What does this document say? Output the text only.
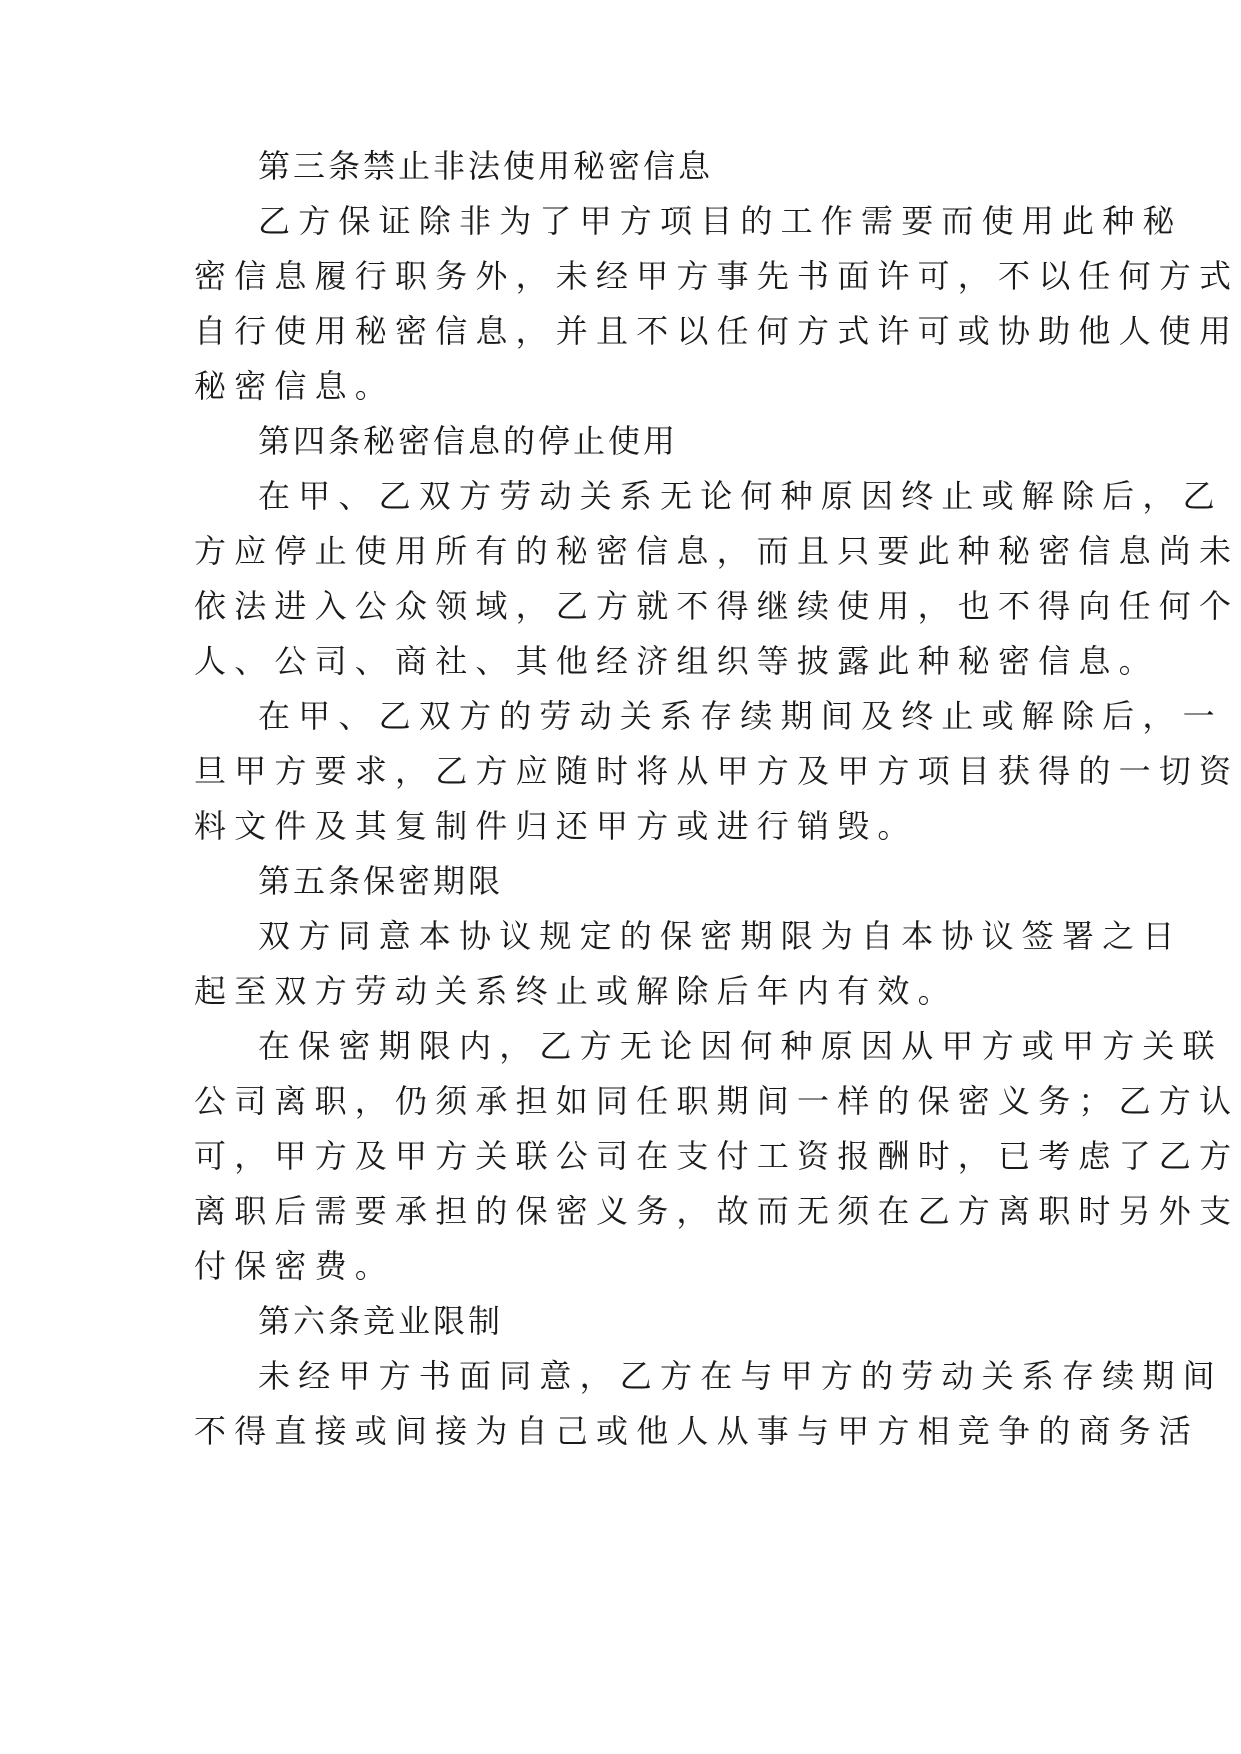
第三条禁止非法使用秘密信息
乙方保证除非为了甲方项目的工作需要而使用此种秘
密信息履行职务外，未经甲方事先书面许可，不以任何方式
自行使用秘密信息，并且不以任何方式许可或协助他人使用
秘密信息。
第四条秘密信息的停止使用
在甲、乙双方劳动关系无论何种原因终止或解除后，乙
方应停止使用所有的秘密信息，而且只要此种秘密信息尚未
依法进入公众领域，乙方就不得继续使用，也不得向任何个
人、公司、商社、其他经济组织等披露此种秘密信息。
在甲、乙双方的劳动关系存续期间及终止或解除后，一
旦甲方要求，乙方应随时将从甲方及甲方项目获得的一切资
料文件及其复制件归还甲方或进行销毁。
第五条保密期限
双方同意本协议规定的保密期限为自本协议签署之日
起至双方劳动关系终止或解除后年内有效。
在保密期限内，乙方无论因何种原因从甲方或甲方关联
公司离职，仍须承担如同任职期间一样的保密义务；乙方认
可，甲方及甲方关联公司在支付工资报酬时，已考虑了乙方
离职后需要承担的保密义务，故而无须在乙方离职时另外支
付保密费。
第六条竞业限制
未经甲方书面同意，乙方在与甲方的劳动关系存续期间
不得直接或间接为自己或他人从事与甲方相竞争的商务活
